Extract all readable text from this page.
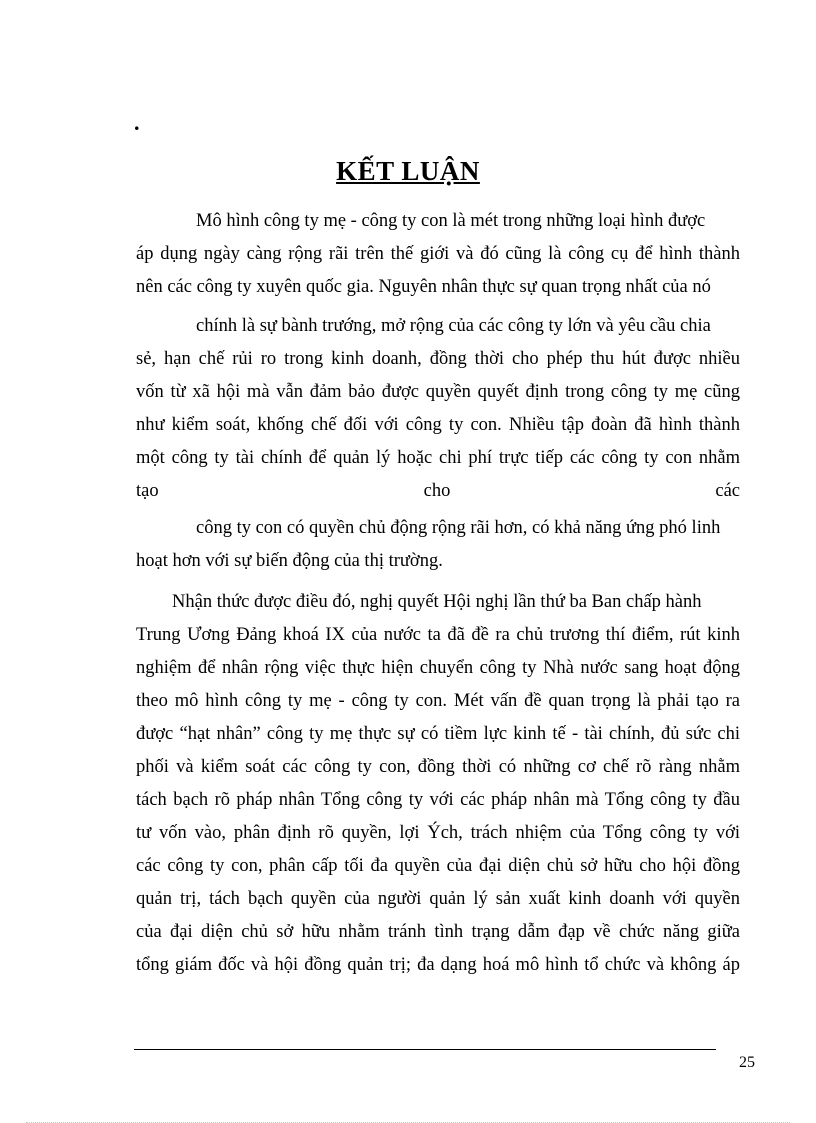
.
KẾT LUẬN
Mô hình công ty mẹ - công ty con là mét trong những loại hình được
áp dụng ngày càng rộng rãi trên thế giới và đó cũng là công cụ để hình thành
nên các công ty xuyên quốc gia. Nguyên nhân thực sự quan trọng nhất của nó
chính là sự bành trướng, mở rộng của các công ty lớn và yêu cầu chia
sẻ, hạn chế rủi ro trong kinh doanh, đồng thời cho phép thu hút được nhiều
vốn từ xã hội mà vẫn đảm bảo được quyền quyết định trong công ty mẹ cũng
như kiểm soát, khống chế đối với công ty con. Nhiều tập đoàn đã hình thành
một công ty tài chính để quản lý hoặc chi phí trực tiếp các công ty con nhằm
tạo cho các
công ty con có quyền chủ động rộng rãi hơn, có khả năng ứng phó linh
hoạt hơn với sự biến động của thị trường.
Nhận thức được điều đó, nghị quyết Hội nghị lần thứ ba Ban chấp hành
Trung Ương Đảng khoá IX của nước ta đã đề ra chủ trương thí điểm, rút kinh
nghiệm để nhân rộng việc thực hiện chuyển công ty Nhà nước sang hoạt động
theo mô hình công ty mẹ - công ty con. Mét vấn đề quan trọng là phải tạo ra
được “hạt nhân” công ty mẹ thực sự có tiềm lực kinh tế - tài chính, đủ sức chi
phối và kiểm soát các công ty con, đồng thời có những cơ chế rõ ràng nhằm
tách bạch rõ pháp nhân Tổng công ty với các pháp nhân mà Tổng công ty đầu
tư vốn vào, phân định rõ quyền, lợi Ých, trách nhiệm của Tổng công ty với
các công ty con, phân cấp tối đa quyền của đại diện chủ sở hữu cho hội đồng
quản trị, tách bạch quyền của người quản lý sản xuất kinh doanh với quyền
của đại diện chủ sở hữu nhằm tránh tình trạng dẫm đạp về chức năng giữa
tổng giám đốc và hội đồng quản trị; đa dạng hoá mô hình tổ chức và không áp
25
